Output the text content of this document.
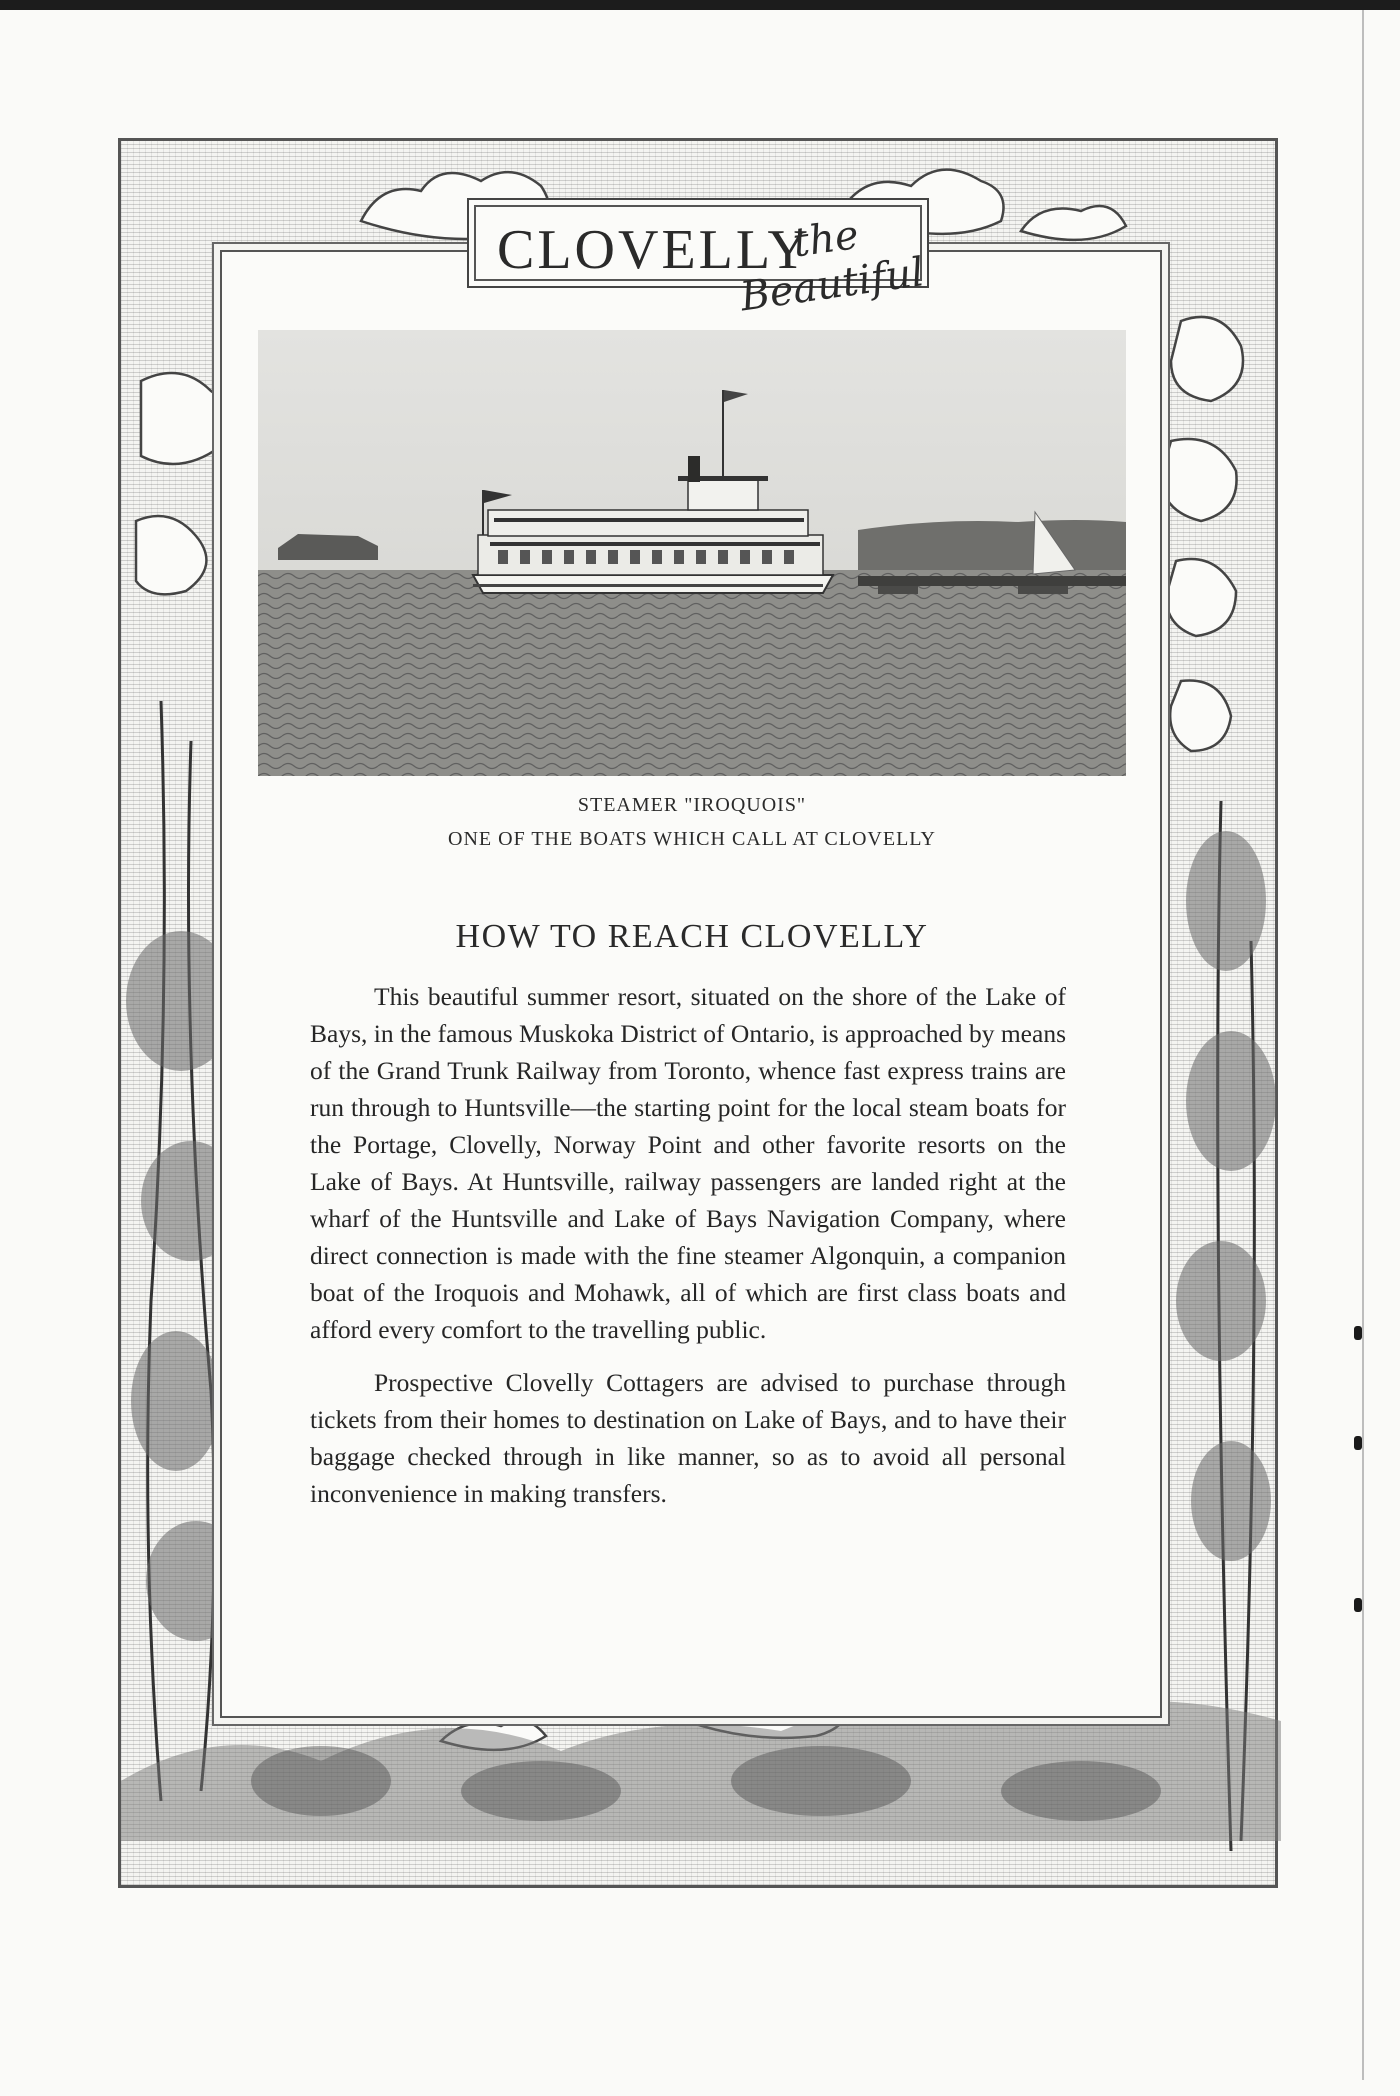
CLOVELLY
the Beautiful
STEAMER "IROQUOIS"
ONE OF THE BOATS WHICH CALL AT CLOVELLY
HOW TO REACH CLOVELLY

This beautiful summer resort, situated on the shore of the Lake of Bays, in the famous Muskoka District of Ontario, is approached by means of the Grand Trunk Railway from Toronto, whence fast express trains are run through to Huntsville—the starting point for the local steam boats for the Portage, Clovelly, Norway Point and other favorite resorts on the Lake of Bays. At Huntsville, railway passengers are landed right at the wharf of the Huntsville and Lake of Bays Navigation Company, where direct connection is made with the fine steamer Algonquin, a companion boat of the Iroquois and Mohawk, all of which are first class boats and afford every comfort to the travelling public.

Prospective Clovelly Cottagers are advised to purchase through tickets from their homes to destination on Lake of Bays, and to have their baggage checked through in like manner, so as to avoid all personal inconvenience in making transfers.
